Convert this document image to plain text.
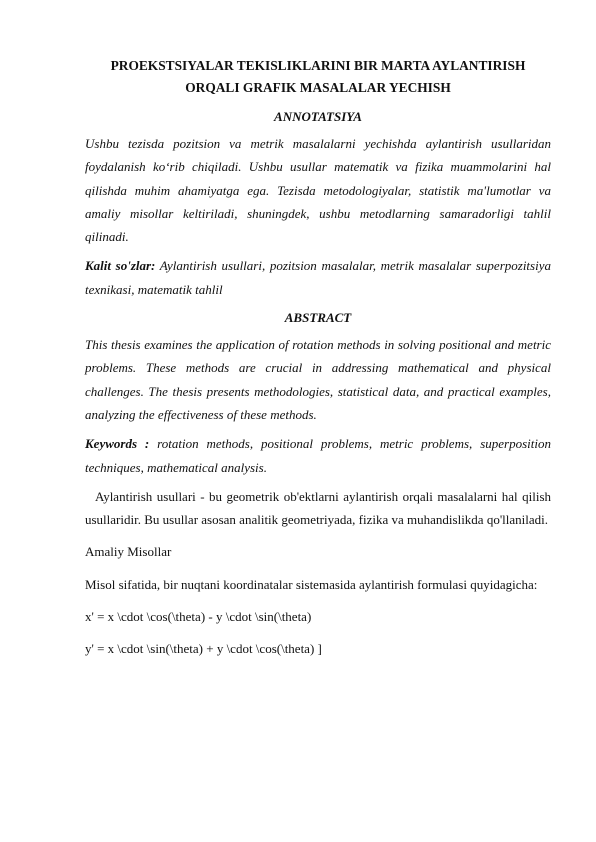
PROEKSTSIYALAR TEKISLIKLARINI BIR MARTA AYLANTIRISH
ORQALI GRAFIK MASALALAR YECHISH
ANNOTATSIYA

Ushbu tezisda pozitsion va metrik masalalarni yechishda aylantirish usullaridan foydalanish ko‘rib chiqiladi. Ushbu usullar matematik va fizika muammolarini hal qilishda muhim ahamiyatga ega. Tezisda metodologiyalar, statistik ma'lumotlar va amaliy misollar keltiriladi, shuningdek, ushbu metodlarning samaradorligi tahlil qilinadi.

Kalit so'zlar: Aylantirish usullari, pozitsion masalalar, metrik masalalar superpozitsiya texnikasi, matematik tahlil

ABSTRACT

This thesis examines the application of rotation methods in solving positional and metric problems. These methods are crucial in addressing mathematical and physical challenges. The thesis presents methodologies, statistical data, and practical examples, analyzing the effectiveness of these methods.

Keywords : rotation methods, positional problems, metric problems, superposition techniques, mathematical analysis.

Aylantirish usullari - bu geometrik ob'ektlarni aylantirish orqali masalalarni hal qilish usullaridir. Bu usullar asosan analitik geometriyada, fizika va muhandislikda qo'llaniladi.

Amaliy Misollar

Misol sifatida, bir nuqtani koordinatalar sistemasida aylantirish formulasi quyidagicha:

x' = x \cdot \cos(\theta) - y \cdot \sin(\theta)

y' = x \cdot \sin(\theta) + y \cdot \cos(\theta) ]
